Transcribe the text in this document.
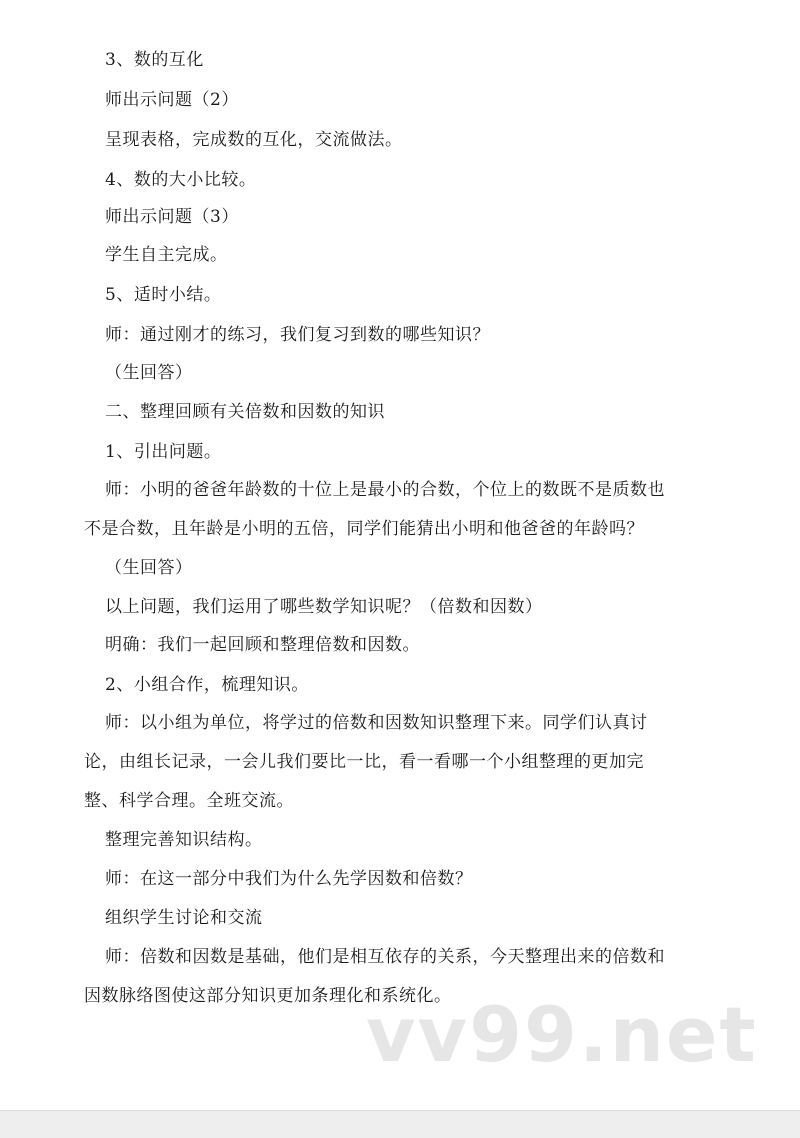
3、数的互化
师出示问题（2）
呈现表格，完成数的互化，交流做法。
4、数的大小比较。
师出示问题（3）
学生自主完成。
5、适时小结。
师：通过刚才的练习，我们复习到数的哪些知识？
（生回答）
二、整理回顾有关倍数和因数的知识
1、引出问题。
师：小明的爸爸年龄数的十位上是最小的合数，个位上的数既不是质数也
不是合数，且年龄是小明的五倍，同学们能猜出小明和他爸爸的年龄吗？
（生回答）
以上问题，我们运用了哪些数学知识呢？（倍数和因数）
明确：我们一起回顾和整理倍数和因数。
2、小组合作，梳理知识。
师：以小组为单位，将学过的倍数和因数知识整理下来。同学们认真讨
论，由组长记录，一会儿我们要比一比，看一看哪一个小组整理的更加完
整、科学合理。全班交流。
整理完善知识结构。
师：在这一部分中我们为什么先学因数和倍数？
组织学生讨论和交流
师：倍数和因数是基础，他们是相互依存的关系，今天整理出来的倍数和
因数脉络图使这部分知识更加条理化和系统化。
vv99.net
